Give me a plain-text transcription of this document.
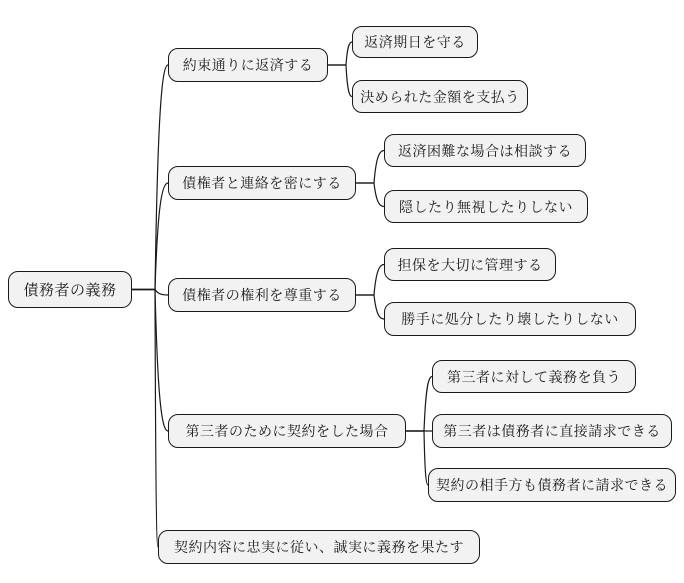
債務者の義務
約束通りに返済する
返済期日を守る
決められた金額を支払う
債権者と連絡を密にする
返済困難な場合は相談する
隠したり無視したりしない
債権者の権利を尊重する
担保を大切に管理する
勝手に処分したり壊したりしない
第三者のために契約をした場合
第三者に対して義務を負う
第三者は債務者に直接請求できる
契約の相手方も債務者に請求できる
契約内容に忠実に従い、誠実に義務を果たす
